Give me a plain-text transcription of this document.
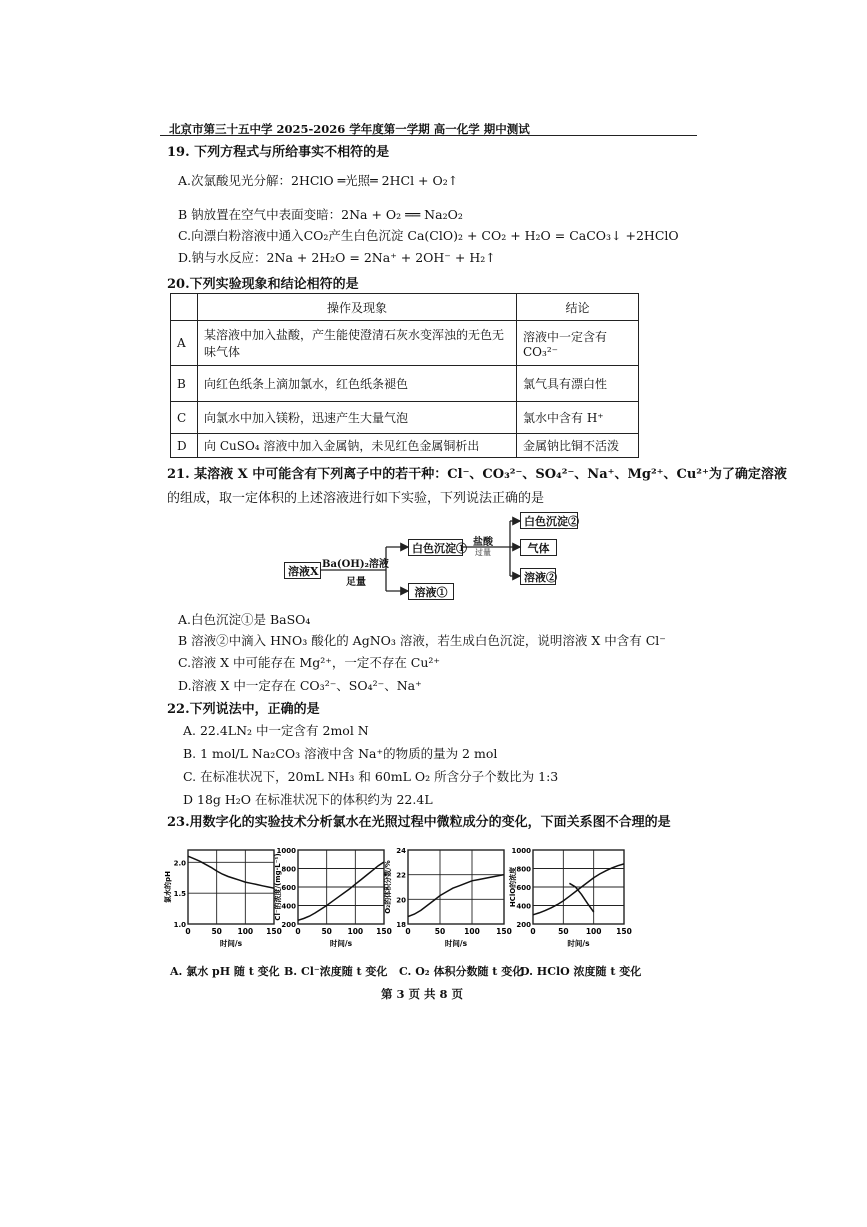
北京市第三十五中学 2025-2026 学年度第一学期 高一化学 期中测试
19. 下列方程式与所给事实不相符的是
A.次氯酸见光分解：2HClO ═光照═ 2HCl + O₂↑
B 钠放置在空气中表面变暗：2Na + O₂ ══ Na₂O₂
C.向漂白粉溶液中通入CO₂产生白色沉淀 Ca(ClO)₂ + CO₂ + H₂O = CaCO₃↓ +2HClO
D.钠与水反应：2Na + 2H₂O = 2Na⁺ + 2OH⁻ + H₂↑
20.下列实验现象和结论相符的是
	操作及现象	结论
A	某溶液中加入盐酸，产生能使澄清石灰水变浑浊的无色无味气体	溶液中一定含有 CO₃²⁻
B	向红色纸条上滴加氯水，红色纸条褪色	氯气具有漂白性
C	向氯水中加入镁粉，迅速产生大量气泡	氯水中含有 H⁺
D	向 CuSO₄ 溶液中加入金属钠，未见红色金属铜析出	金属钠比铜不活泼
21. 某溶液 X 中可能含有下列离子中的若干种：Cl⁻、CO₃²⁻、SO₄²⁻、Na⁺、Mg²⁺、Cu²⁺为了确定溶液
的组成，取一定体积的上述溶液进行如下实验，下列说法正确的是
溶液X
Ba(OH)₂溶液
足量
白色沉淀①
溶液①
盐酸
过量
白色沉淀②
气体
溶液②
A.白色沉淀①是 BaSO₄
B 溶液②中滴入 HNO₃ 酸化的 AgNO₃ 溶液，若生成白色沉淀，说明溶液 X 中含有 Cl⁻
C.溶液 X 中可能存在 Mg²⁺，一定不存在 Cu²⁺
D.溶液 X 中一定存在 CO₃²⁻、SO₄²⁻、Na⁺
22.下列说法中，正确的是
A. 22.4LN₂ 中一定含有 2mol N
B. 1 mol/L Na₂CO₃ 溶液中含 Na⁺的物质的量为 2 mol
C. 在标准状况下，20mL NH₃ 和 60mL O₂ 所含分子个数比为 1:3
D 18g H₂O 在标准状况下的体积约为 22.4L
23.用数字化的实验技术分析氯水在光照过程中微粒成分的变化，下面关系图不合理的是
0	50 100 150
1.0
1.5
2.0
时间/s
氯水的pH
0	50 100 150
200
400
600
800
1000
时间/s
Cl⁻的浓度/(mg·L⁻¹)
0	50	100 150
18
20
22
24
时间/s
O₂的体积分数/%
0	50 100 150
200
400
600
800
1000
时间/s
HClO的浓度
A. 氯水 pH 随 t 变化 B. Cl⁻浓度随 t 变化 C. O₂ 体积分数随 t 变化
D. HClO 浓度随 t 变化
第 3 页 共 8 页
